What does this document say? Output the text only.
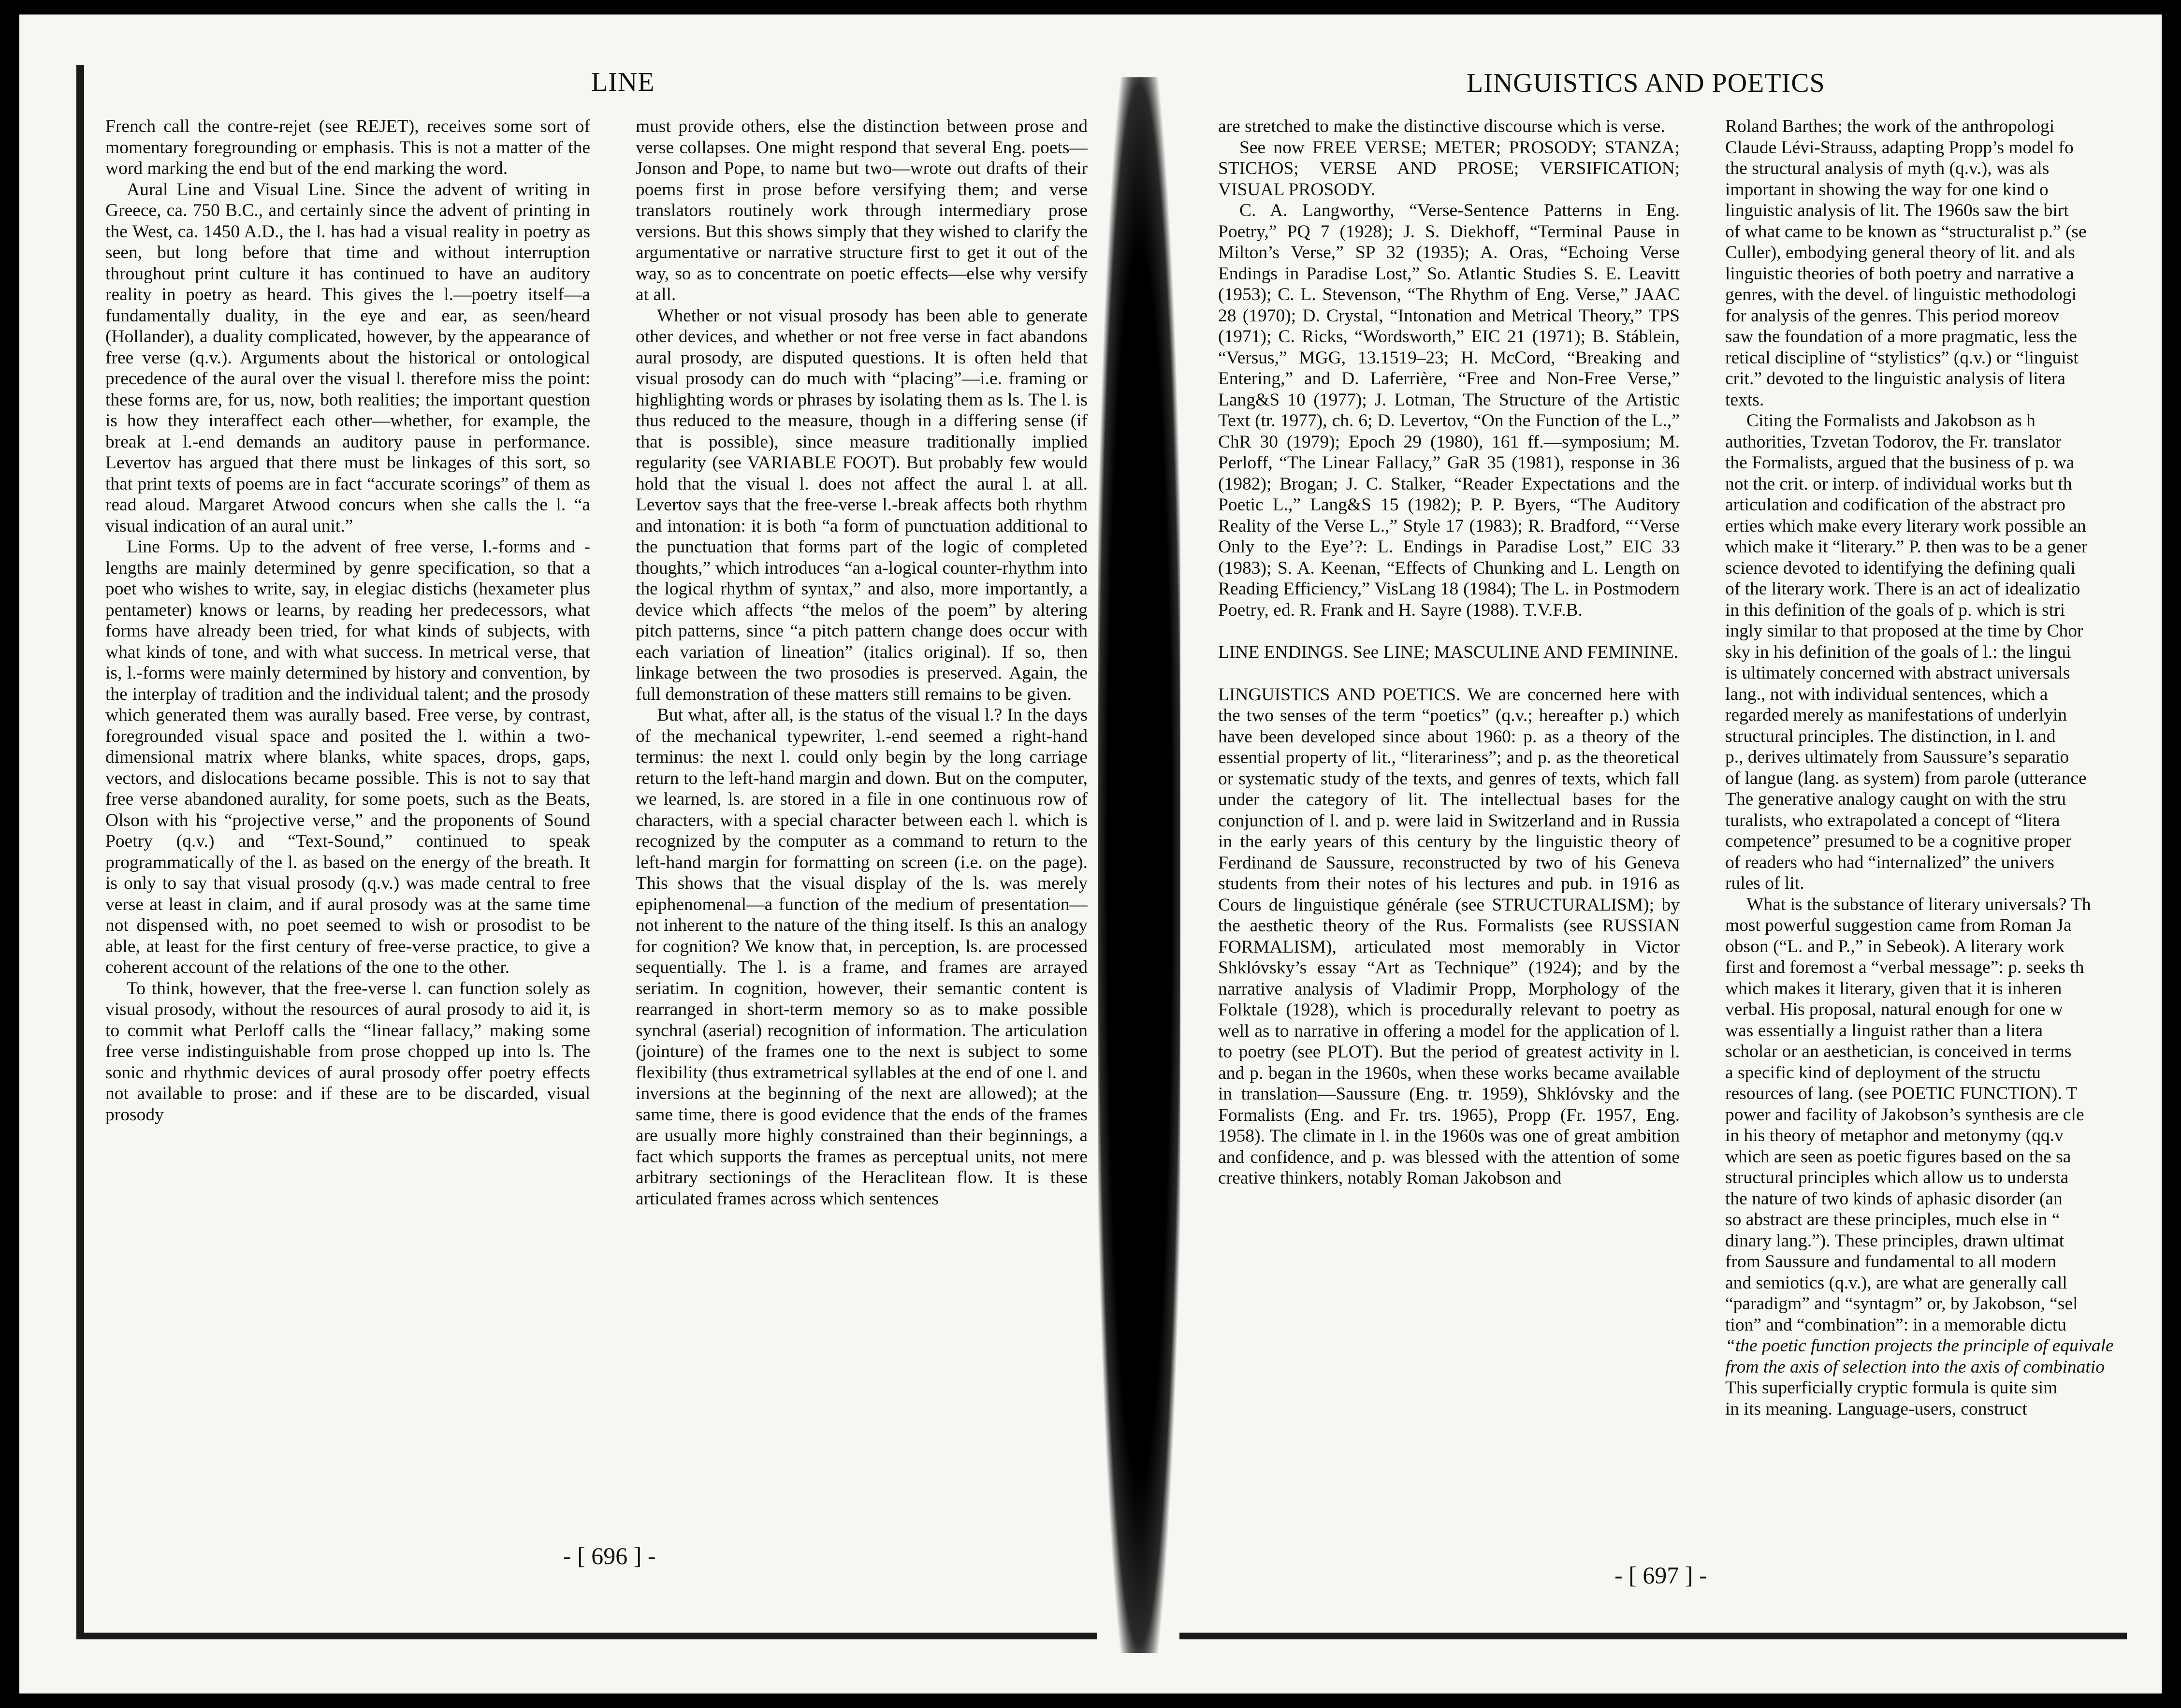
LINE

French call the contre-rejet (see REJET), receives some sort of momentary foregrounding or emphasis. This is not a matter of the word marking the end but of the end marking the word.

Aural Line and Visual Line. Since the advent of writing in Greece, ca. 750 B.C., and certainly since the advent of printing in the West, ca. 1450 A.D., the l. has had a visual reality in poetry as seen, but long before that time and without interruption throughout print culture it has continued to have an auditory reality in poetry as heard. This gives the l.—poetry itself—a fundamentally duality, in the eye and ear, as seen/heard (Hollander), a duality complicated, however, by the appearance of free verse (q.v.). Arguments about the historical or ontological precedence of the aural over the visual l. therefore miss the point: these forms are, for us, now, both realities; the important question is how they interaffect each other—whether, for example, the break at l.-end demands an auditory pause in performance. Levertov has argued that there must be linkages of this sort, so that print texts of poems are in fact “accurate scorings” of them as read aloud. Margaret Atwood concurs when she calls the l. “a visual indication of an aural unit.”

Line Forms. Up to the advent of free verse, l.-forms and -lengths are mainly determined by genre specification, so that a poet who wishes to write, say, in elegiac distichs (hexameter plus pentameter) knows or learns, by reading her predecessors, what forms have already been tried, for what kinds of subjects, with what kinds of tone, and with what success. In metrical verse, that is, l.-forms were mainly determined by history and convention, by the interplay of tradition and the individual talent; and the prosody which generated them was aurally based. Free verse, by contrast, foregrounded visual space and posited the l. within a two-dimensional matrix where blanks, white spaces, drops, gaps, vectors, and dislocations became possible. This is not to say that free verse abandoned aurality, for some poets, such as the Beats, Olson with his “projective verse,” and the proponents of Sound Poetry (q.v.) and “Text-Sound,” continued to speak programmatically of the l. as based on the energy of the breath. It is only to say that visual prosody (q.v.) was made central to free verse at least in claim, and if aural prosody was at the same time not dispensed with, no poet seemed to wish or prosodist to be able, at least for the first century of free-verse practice, to give a coherent account of the relations of the one to the other.

To think, however, that the free-verse l. can function solely as visual prosody, without the resources of aural prosody to aid it, is to commit what Perloff calls the “linear fallacy,” making some free verse indistinguishable from prose chopped up into ls. The sonic and rhythmic devices of aural prosody offer poetry effects not available to prose: and if these are to be discarded, visual prosody

must provide others, else the distinction between prose and verse collapses. One might respond that several Eng. poets—Jonson and Pope, to name but two—wrote out drafts of their poems first in prose before versifying them; and verse translators routinely work through intermediary prose versions. But this shows simply that they wished to clarify the argumentative or narrative structure first to get it out of the way, so as to concentrate on poetic effects—else why versify at all.

Whether or not visual prosody has been able to generate other devices, and whether or not free verse in fact abandons aural prosody, are disputed questions. It is often held that visual prosody can do much with “placing”—i.e. framing or highlighting words or phrases by isolating them as ls. The l. is thus reduced to the measure, though in a differing sense (if that is possible), since measure traditionally implied regularity (see VARIABLE FOOT). But probably few would hold that the visual l. does not affect the aural l. at all. Levertov says that the free-verse l.-break affects both rhythm and intonation: it is both “a form of punctuation additional to the punctuation that forms part of the logic of completed thoughts,” which introduces “an a-logical counter-rhythm into the logical rhythm of syntax,” and also, more importantly, a device which affects “the melos of the poem” by altering pitch patterns, since “a pitch pattern change does occur with each variation of lineation” (italics original). If so, then linkage between the two prosodies is preserved. Again, the full demonstration of these matters still remains to be given.

But what, after all, is the status of the visual l.? In the days of the mechanical typewriter, l.-end seemed a right-hand terminus: the next l. could only begin by the long carriage return to the left-hand margin and down. But on the computer, we learned, ls. are stored in a file in one continuous row of characters, with a special character between each l. which is recognized by the computer as a command to return to the left-hand margin for formatting on screen (i.e. on the page). This shows that the visual display of the ls. was merely epiphenomenal—a function of the medium of presentation—not inherent to the nature of the thing itself. Is this an analogy for cognition? We know that, in perception, ls. are processed sequentially. The l. is a frame, and frames are arrayed seriatim. In cognition, however, their semantic content is rearranged in short-term memory so as to make possible synchral (aserial) recognition of information. The articulation (jointure) of the frames one to the next is subject to some flexibility (thus extrametrical syllables at the end of one l. and inversions at the beginning of the next are allowed); at the same time, there is good evidence that the ends of the frames are usually more highly constrained than their beginnings, a fact which supports the frames as perceptual units, not mere arbitrary sectionings of the Heraclitean flow. It is these articulated frames across which sentences

- [ 696 ] -
LINGUISTICS AND POETICS

are stretched to make the distinctive discourse which is verse.

See now FREE VERSE; METER; PROSODY; STANZA; STICHOS; VERSE AND PROSE; VERSIFICATION; VISUAL PROSODY.

C. A. Langworthy, “Verse-Sentence Patterns in Eng. Poetry,” PQ 7 (1928); J. S. Diekhoff, “Terminal Pause in Milton’s Verse,” SP 32 (1935); A. Oras, “Echoing Verse Endings in Paradise Lost,” So. Atlantic Studies S. E. Leavitt (1953); C. L. Stevenson, “The Rhythm of Eng. Verse,” JAAC 28 (1970); D. Crystal, “Intonation and Metrical Theory,” TPS (1971); C. Ricks, “Wordsworth,” EIC 21 (1971); B. Stáblein, “Versus,” MGG, 13.1519–23; H. McCord, “Breaking and Entering,” and D. Laferrière, “Free and Non-Free Verse,” Lang&S 10 (1977); J. Lotman, The Structure of the Artistic Text (tr. 1977), ch. 6; D. Levertov, “On the Function of the L.,” ChR 30 (1979); Epoch 29 (1980), 161 ff.—symposium; M. Perloff, “The Linear Fallacy,” GaR 35 (1981), response in 36 (1982); Brogan; J. C. Stalker, “Reader Expectations and the Poetic L.,” Lang&S 15 (1982); P. P. Byers, “The Auditory Reality of the Verse L.,” Style 17 (1983); R. Bradford, “‘Verse Only to the Eye’?: L. Endings in Paradise Lost,” EIC 33 (1983); S. A. Keenan, “Effects of Chunking and L. Length on Reading Efficiency,” VisLang 18 (1984); The L. in Postmodern Poetry, ed. R. Frank and H. Sayre (1988). T.V.F.B.

LINE ENDINGS. See LINE; MASCULINE AND FEMININE.

LINGUISTICS AND POETICS. We are concerned here with the two senses of the term “poetics” (q.v.; hereafter p.) which have been developed since about 1960: p. as a theory of the essential property of lit., “literariness”; and p. as the theoretical or systematic study of the texts, and genres of texts, which fall under the category of lit. The intellectual bases for the conjunction of l. and p. were laid in Switzerland and in Russia in the early years of this century by the linguistic theory of Ferdinand de Saussure, reconstructed by two of his Geneva students from their notes of his lectures and pub. in 1916 as Cours de linguistique générale (see STRUCTURALISM); by the aesthetic theory of the Rus. Formalists (see RUSSIAN FORMALISM), articulated most memorably in Victor Shklóvsky’s essay “Art as Technique” (1924); and by the narrative analysis of Vladimir Propp, Morphology of the Folktale (1928), which is procedurally relevant to poetry as well as to narrative in offering a model for the application of l. to poetry (see PLOT). But the period of greatest activity in l. and p. began in the 1960s, when these works became available in translation—Saussure (Eng. tr. 1959), Shklóvsky and the Formalists (Eng. and Fr. trs. 1965), Propp (Fr. 1957, Eng. 1958). The climate in l. in the 1960s was one of great ambition and confidence, and p. was blessed with the attention of some creative thinkers, notably Roman Jakobson and

Roland Barthes; the work of the anthropologi

Claude Lévi-Strauss, adapting Propp’s model fo

the structural analysis of myth (q.v.), was als

important in showing the way for one kind o

linguistic analysis of lit. The 1960s saw the birt

of what came to be known as “structuralist p.” (se

Culler), embodying general theory of lit. and als

linguistic theories of both poetry and narrative a

genres, with the devel. of linguistic methodologi

for analysis of the genres. This period moreov

saw the foundation of a more pragmatic, less the

retical discipline of “stylistics” (q.v.) or “linguist

crit.” devoted to the linguistic analysis of litera

texts.

Citing the Formalists and Jakobson as h

authorities, Tzvetan Todorov, the Fr. translator

the Formalists, argued that the business of p. wa

not the crit. or interp. of individual works but th

articulation and codification of the abstract pro

erties which make every literary work possible an

which make it “literary.” P. then was to be a gener

science devoted to identifying the defining quali

of the literary work. There is an act of idealizatio

in this definition of the goals of p. which is stri

ingly similar to that proposed at the time by Chor

sky in his definition of the goals of l.: the lingui

is ultimately concerned with abstract universals

lang., not with individual sentences, which a

regarded merely as manifestations of underlyin

structural principles. The distinction, in l. and

p., derives ultimately from Saussure’s separatio

of langue (lang. as system) from parole (utterance

The generative analogy caught on with the stru

turalists, who extrapolated a concept of “litera

competence” presumed to be a cognitive proper

of readers who had “internalized” the univers

rules of lit.

What is the substance of literary universals? Th

most powerful suggestion came from Roman Ja

obson (“L. and P.,” in Sebeok). A literary work

first and foremost a “verbal message”: p. seeks th

which makes it literary, given that it is inheren

verbal. His proposal, natural enough for one w

was essentially a linguist rather than a litera

scholar or an aesthetician, is conceived in terms

a specific kind of deployment of the structu

resources of lang. (see POETIC FUNCTION). T

power and facility of Jakobson’s synthesis are cle

in his theory of metaphor and metonymy (qq.v

which are seen as poetic figures based on the sa

structural principles which allow us to understa

the nature of two kinds of aphasic disorder (an

so abstract are these principles, much else in “

dinary lang.”). These principles, drawn ultimat

from Saussure and fundamental to all modern

and semiotics (q.v.), are what are generally call

“paradigm” and “syntagm” or, by Jakobson, “sel

tion” and “combination”: in a memorable dictu

“the poetic function projects the principle of equivale

from the axis of selection into the axis of combinatio

This superficially cryptic formula is quite sim

in its meaning. Language-users, construct

- [ 697 ] -
